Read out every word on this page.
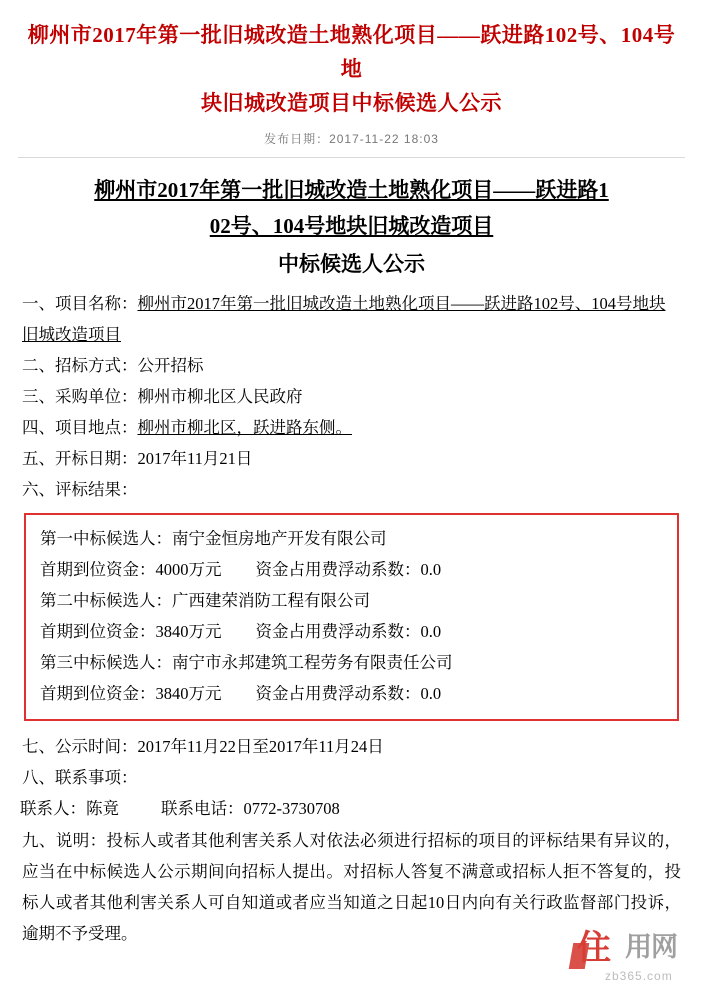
柳州市2017年第一批旧城改造土地熟化项目——跃进路102号、104号地
块旧城改造项目中标候选人公示
发布日期：2017-11-22 18:03
柳州市2017年第一批旧城改造土地熟化项目——跃进路1
02号、104号地块旧城改造项目
中标候选人公示
一、项目名称：柳州市2017年第一批旧城改造土地熟化项目——跃进路102号、104号地块旧城改造项目
二、招标方式：公开招标
三、采购单位：柳州市柳北区人民政府
四、项目地点：柳州市柳北区，跃进路东侧。
五、开标日期：2017年11月21日
六、评标结果：
第一中标候选人：南宁金恒房地产开发有限公司
首期到位资金：4000万元 资金占用费浮动系数：0.0
第二中标候选人：广西建荣消防工程有限公司
首期到位资金：3840万元 资金占用费浮动系数：0.0
第三中标候选人：南宁市永邦建筑工程劳务有限责任公司
首期到位资金：3840万元 资金占用费浮动系数：0.0
七、公示时间：2017年11月22日至2017年11月24日
八、联系事项：
联系人：陈竟	联系电话：0772-3730708
九、说明：投标人或者其他利害关系人对依法必须进行招标的项目的评标结果有异议的，应当在中标候选人公示期间向招标人提出。对招标人答复不满意或招标人拒不答复的，投标人或者其他利害关系人可自知道或者应当知道之日起10日内向有关行政监督部门投诉，逾期不予受理。	住 用网
zb365.com
